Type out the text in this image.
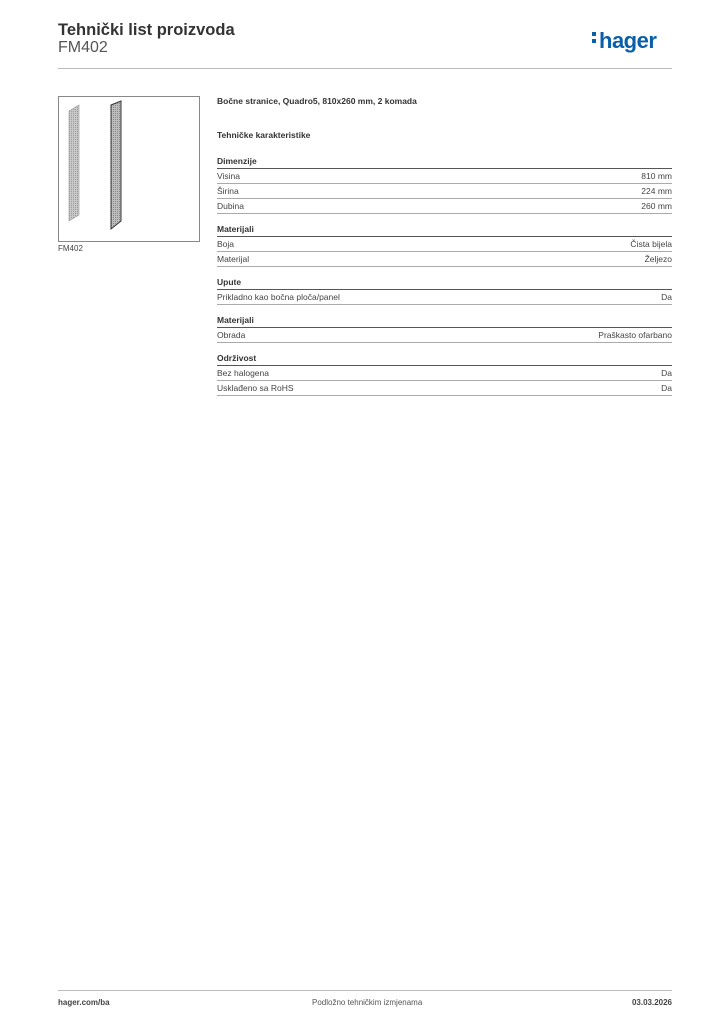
Tehnički list proizvoda
FM402	hager
FM402
Bočne stranice, Quadro5, 810x260 mm, 2 komada
Tehničke karakteristike
Dimenzije
Visina	810 mm
Širina	224 mm
Dubina	260 mm
Materijali
Boja	Čista bijela
Materijal	Željezo
Upute
Prikladno kao bočna ploča/panel	Da
Materijali
Obrada	Praškasto ofarbano
Održivost
Bez halogena	Da
Usklađeno sa RoHS	Da
hager.com/ba	Podložno tehničkim izmjenama	03.03.2026
